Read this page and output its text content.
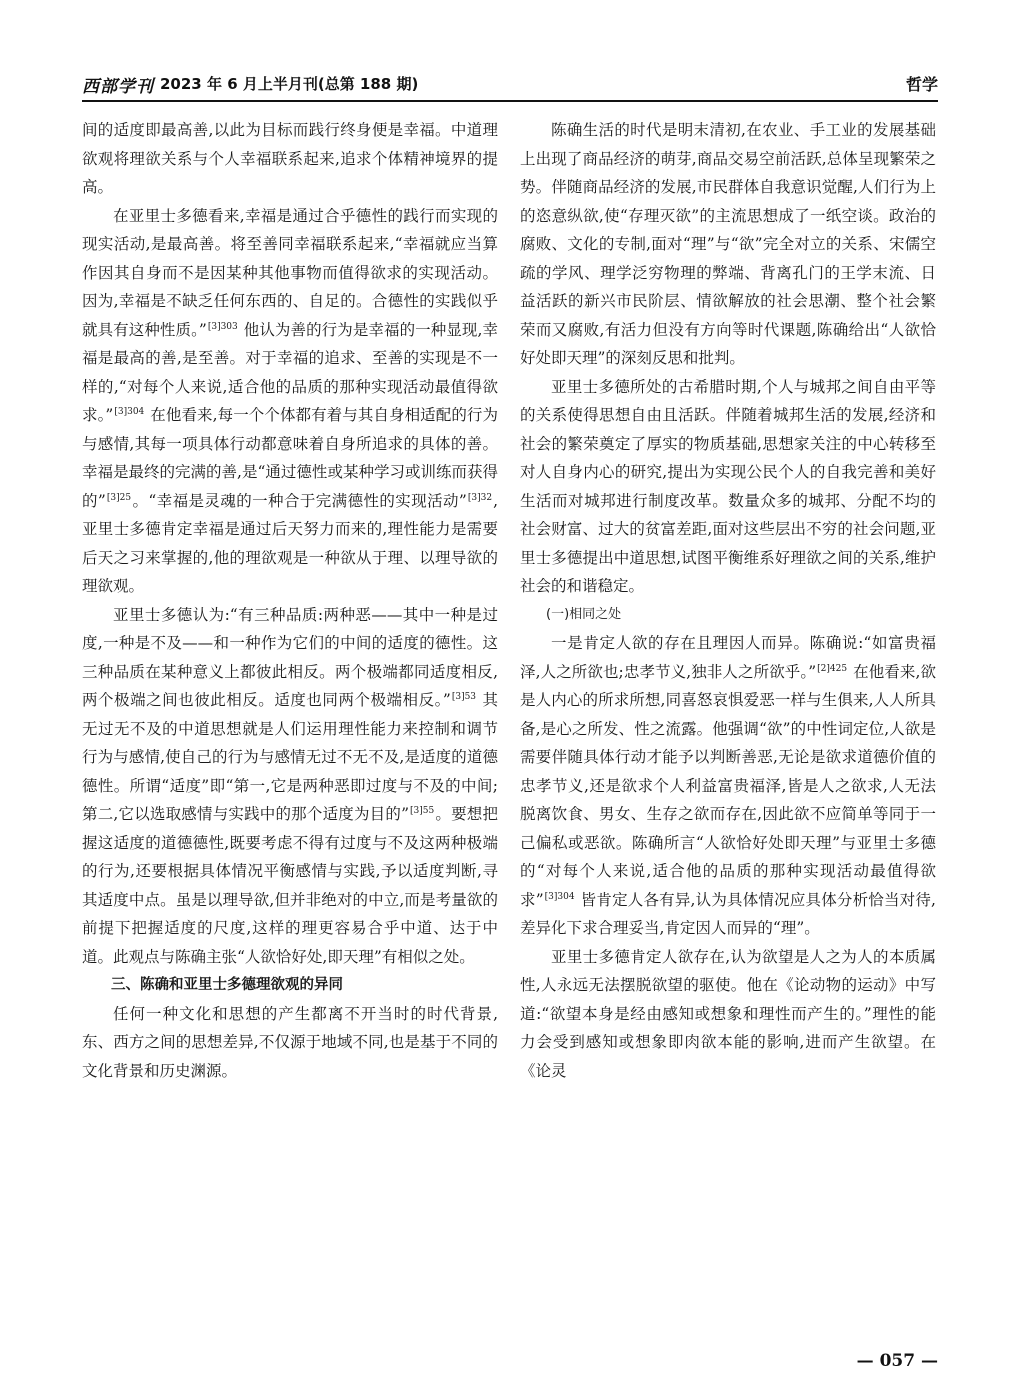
西部学刊 2023 年 6 月上半月刊(总第 188 期)	哲学

间的适度即最高善,以此为目标而践行终身便是幸福。中道理欲观将理欲关系与个人幸福联系起来,追求个体精神境界的提高。

在亚里士多德看来,幸福是通过合乎德性的践行而实现的现实活动,是最高善。将至善同幸福联系起来,“幸福就应当算作因其自身而不是因某种其他事物而值得欲求的实现活动。因为,幸福是不缺乏任何东西的、自足的。合德性的实践似乎就具有这种性质。”$^{[3]303}$ 他认为善的行为是幸福的一种显现,幸福是最高的善,是至善。对于幸福的追求、至善的实现是不一样的,“对每个人来说,适合他的品质的那种实现活动最值得欲求。”$^{[3]304}$ 在他看来,每一个个体都有着与其自身相适配的行为与感情,其每一项具体行动都意味着自身所追求的具体的善。幸福是最终的完满的善,是“通过德性或某种学习或训练而获得的”$^{[3]25}$。“幸福是灵魂的一种合于完满德性的实现活动”$^{[3]32}$,亚里士多德肯定幸福是通过后天努力而来的,理性能力是需要后天之习来掌握的,他的理欲观是一种欲从于理、以理导欲的理欲观。

亚里士多德认为:“有三种品质:两种恶——其中一种是过度,一种是不及——和一种作为它们的中间的适度的德性。这三种品质在某种意义上都彼此相反。两个极端都同适度相反,两个极端之间也彼此相反。适度也同两个极端相反。”$^{[3]53}$ 其无过无不及的中道思想就是人们运用理性能力来控制和调节行为与感情,使自己的行为与感情无过不无不及,是适度的道德德性。所谓“适度”即“第一,它是两种恶即过度与不及的中间;第二,它以选取感情与实践中的那个适度为目的”$^{[3]55}$。要想把握这适度的道德德性,既要考虑不得有过度与不及这两种极端的行为,还要根据具体情况平衡感情与实践,予以适度判断,寻其适度中点。虽是以理导欲,但并非绝对的中立,而是考量欲的前提下把握适度的尺度,这样的理更容易合乎中道、达于中道。此观点与陈确主张“人欲恰好处,即天理”有相似之处。

三、陈确和亚里士多德理欲观的异同

任何一种文化和思想的产生都离不开当时的时代背景,东、西方之间的思想差异,不仅源于地域不同,也是基于不同的文化背景和历史渊源。

陈确生活的时代是明末清初,在农业、手工业的发展基础上出现了商品经济的萌芽,商品交易空前活跃,总体呈现繁荣之势。伴随商品经济的发展,市民群体自我意识觉醒,人们行为上的恣意纵欲,使“存理灭欲”的主流思想成了一纸空谈。政治的腐败、文化的专制,面对“理”与“欲”完全对立的关系、宋儒空疏的学风、理学泛穷物理的弊端、背离孔门的王学末流、日益活跃的新兴市民阶层、情欲解放的社会思潮、整个社会繁荣而又腐败,有活力但没有方向等时代课题,陈确给出“人欲恰好处即天理”的深刻反思和批判。

亚里士多德所处的古希腊时期,个人与城邦之间自由平等的关系使得思想自由且活跃。伴随着城邦生活的发展,经济和社会的繁荣奠定了厚实的物质基础,思想家关注的中心转移至对人自身内心的研究,提出为实现公民个人的自我完善和美好生活而对城邦进行制度改革。数量众多的城邦、分配不均的社会财富、过大的贫富差距,面对这些层出不穷的社会问题,亚里士多德提出中道思想,试图平衡维系好理欲之间的关系,维护社会的和谐稳定。

(一)相同之处

一是肯定人欲的存在且理因人而异。陈确说:“如富贵福泽,人之所欲也;忠孝节义,独非人之所欲乎。”$^{[2]425}$ 在他看来,欲是人内心的所求所想,同喜怒哀惧爱恶一样与生俱来,人人所具备,是心之所发、性之流露。他强调“欲”的中性词定位,人欲是需要伴随具体行动才能予以判断善恶,无论是欲求道德价值的忠孝节义,还是欲求个人利益富贵福泽,皆是人之欲求,人无法脱离饮食、男女、生存之欲而存在,因此欲不应简单等同于一己偏私或恶欲。陈确所言“人欲恰好处即天理”与亚里士多德的“对每个人来说,适合他的品质的那种实现活动最值得欲求”$^{[3]304}$ 皆肯定人各有异,认为具体情况应具体分析恰当对待,差异化下求合理妥当,肯定因人而异的“理”。

亚里士多德肯定人欲存在,认为欲望是人之为人的本质属性,人永远无法摆脱欲望的驱使。他在《论动物的运动》中写道:“欲望本身是经由感知或想象和理性而产生的。”理性的能力会受到感知或想象即肉欲本能的影响,进而产生欲望。在《论灵

— 057 —
